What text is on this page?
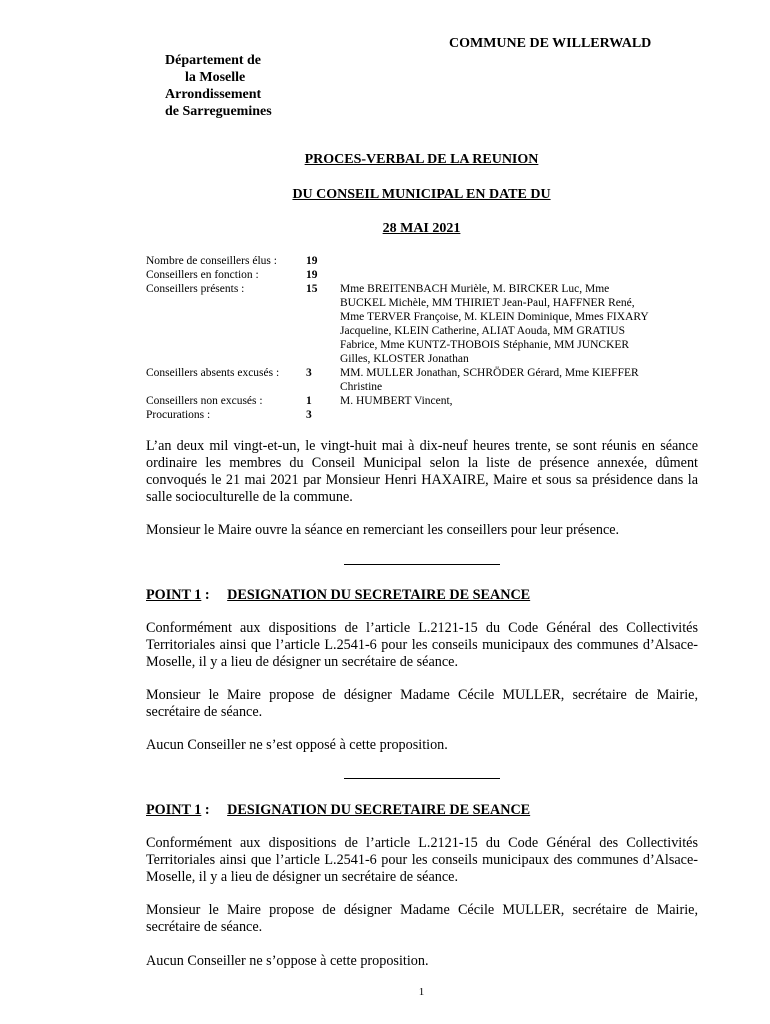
COMMUNE DE WILLERWALD
Département de
la Moselle
Arrondissement
de Sarreguemines
PROCES-VERBAL DE LA REUNION
DU CONSEIL MUNICIPAL EN DATE DU
28 MAI 2021
Nombre de conseillers élus :	19
Conseillers en fonction :	19
Conseillers présents :	15 Mme BREITENBACH Murièle, M. BIRCKER Luc, Mme
BUCKEL Michèle, MM THIRIET Jean-Paul, HAFFNER René,
Mme TERVER Françoise, M. KLEIN Dominique, Mmes FIXARY
Jacqueline, KLEIN Catherine, ALIAT Aouda, MM GRATIUS
Fabrice, Mme KUNTZ-THOBOIS Stéphanie, MM JUNCKER
Gilles, KLOSTER Jonathan
Conseillers absents excusés : 3 MM. MULLER Jonathan, SCHRÖDER Gérard, Mme KIEFFER
Christine
Conseillers non excusés :	1 M. HUMBERT Vincent,
Procurations :	3
L’an deux mil vingt-et-un, le vingt-huit mai à dix-neuf heures trente, se sont réunis en séance ordinaire les membres du Conseil Municipal selon la liste de présence annexée, dûment convoqués le 21 mai 2021 par Monsieur Henri HAXAIRE, Maire et sous sa présidence dans la salle socioculturelle de la commune.
Monsieur le Maire ouvre la séance en remerciant les conseillers pour leur présence.
POINT 1 : DESIGNATION DU SECRETAIRE DE SEANCE
Conformément aux dispositions de l’article L.2121-15 du Code Général des Collectivités Territoriales ainsi que l’article L.2541-6 pour les conseils municipaux des communes d’Alsace-Moselle, il y a lieu de désigner un secrétaire de séance.
Monsieur le Maire propose de désigner Madame Cécile MULLER, secrétaire de Mairie, secrétaire de séance.
Aucun Conseiller ne s’est opposé à cette proposition.
POINT 1 : DESIGNATION DU SECRETAIRE DE SEANCE
Conformément aux dispositions de l’article L.2121-15 du Code Général des Collectivités Territoriales ainsi que l’article L.2541-6 pour les conseils municipaux des communes d’Alsace-Moselle, il y a lieu de désigner un secrétaire de séance.
Monsieur le Maire propose de désigner Madame Cécile MULLER, secrétaire de Mairie, secrétaire de séance.
Aucun Conseiller ne s’oppose à cette proposition.
1
